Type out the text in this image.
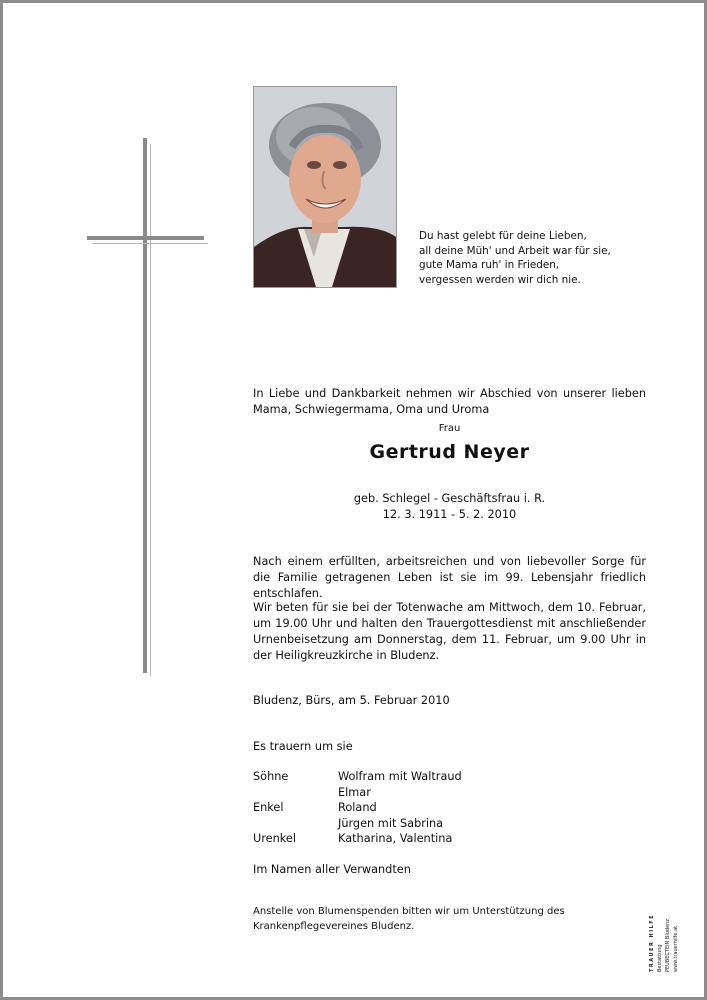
Du hast gelebt für deine Lieben,
all deine Müh' und Arbeit war für sie,
gute Mama ruh' in Frieden,
vergessen werden wir dich nie.
In Liebe und Dankbarkeit nehmen wir Abschied von unserer lieben Mama, Schwiegermama, Oma und Uroma
Frau
Gertrud Neyer
geb. Schlegel - Geschäftsfrau i. R.
12. 3. 1911 - 5. 2. 2010
Nach einem erfüllten, arbeitsreichen und von liebevoller Sorge für die Familie getragenen Leben ist sie im 99. Lebensjahr friedlich entschlafen.
Wir beten für sie bei der Totenwache am Mittwoch, dem 10. Februar, um 19.00 Uhr und halten den Trauergottesdienst mit anschließender Urnenbeisetzung am Donnerstag, dem 11. Februar, um 9.00 Uhr in der Heiligkreuzkirche in Bludenz.
Bludenz, Bürs, am 5. Februar 2010
Es trauern um sie
Söhne	Wolfram mit Waltraud
Elmar
Enkel	Roland
Jürgen mit Sabrina
Urenkel	Katharina, Valentina
Im Namen aller Verwandten
Anstelle von Blumenspenden bitten wir um Unterstützung des
Krankenpflegevereines Bludenz.	TRAUER HILFE Bestattung PEUBECTEIN Bludenz www.trauerhilfe.at
